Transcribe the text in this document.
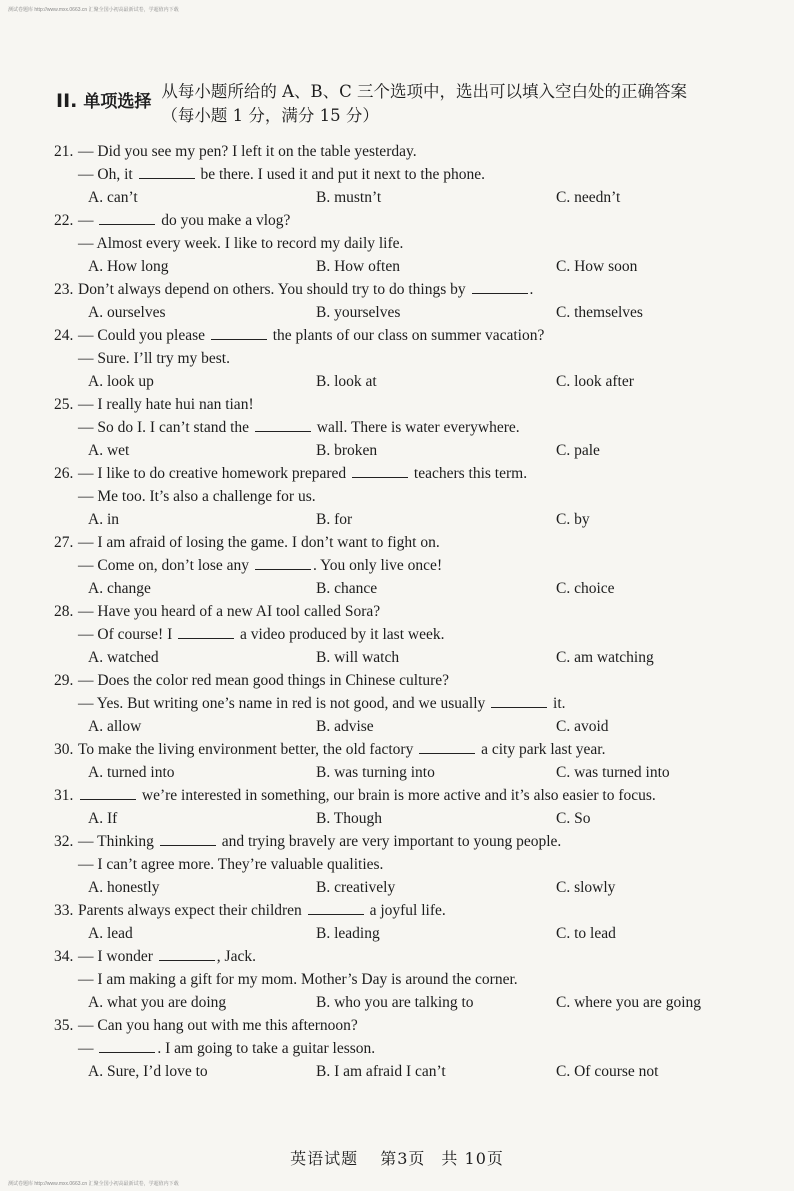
测试卷题库 http://www.mxx.0663.cn 汇聚全国小初高最新试卷，学超值内下载
II. 单项选择
从每小题所给的 A、B、C 三个选项中，选出可以填入空白处的正确答案（每小题 1 分，满分 15 分）
21. — Did you see my pen? I left it on the table yesterday.
— Oh, it	be there. I used it and put it next to the phone.
A. can’t	B. mustn’t	C. needn’t
22. —	do you make a vlog?
— Almost every week. I like to record my daily life.
A. How long	B. How often	C. How soon
23. Don’t always depend on others. You should try to do things by	.
A. ourselves	B. yourselves	C. themselves
24. — Could you please	the plants of our class on summer vacation?
— Sure. I’ll try my best.
A. look up	B. look at	C. look after
25. — I really hate hui nan tian!
— So do I. I can’t stand the	wall. There is water everywhere.
A. wet	B. broken	C. pale
26. — I like to do creative homework prepared	teachers this term.
— Me too. It’s also a challenge for us.
A. in	B. for	C. by
27. — I am afraid of losing the game. I don’t want to fight on.
— Come on, don’t lose any	. You only live once!
A. change	B. chance	C. choice
28. — Have you heard of a new AI tool called Sora?
— Of course! I	a video produced by it last week.
A. watched	B. will watch	C. am watching
29. — Does the color red mean good things in Chinese culture?
— Yes. But writing one’s name in red is not good, and we usually	it.
A. allow	B. advise	C. avoid
30. To make the living environment better, the old factory	a city park last year.
A. turned into	B. was turning into	C. was turned into
31.	we’re interested in something, our brain is more active and it’s also easier to focus.
A. If	B. Though	C. So
32. — Thinking	and trying bravely are very important to young people.
— I can’t agree more. They’re valuable qualities.
A. honestly	B. creatively	C. slowly
33. Parents always expect their children	a joyful life.
A. lead	B. leading	C. to lead
34. — I wonder	, Jack.
— I am making a gift for my mom. Mother’s Day is around the corner.
A. what you are doing	B. who you are talking to	C. where you are going
35. — Can you hang out with me this afternoon?
—	. I am going to take a guitar lesson.
A. Sure, I’d love to	B. I am afraid I can’t	C. Of course not
英语试题 第3页 共 10页
测试卷题库 http://www.mxx.0663.cn 汇聚全国小初高最新试卷，学超值内下载
